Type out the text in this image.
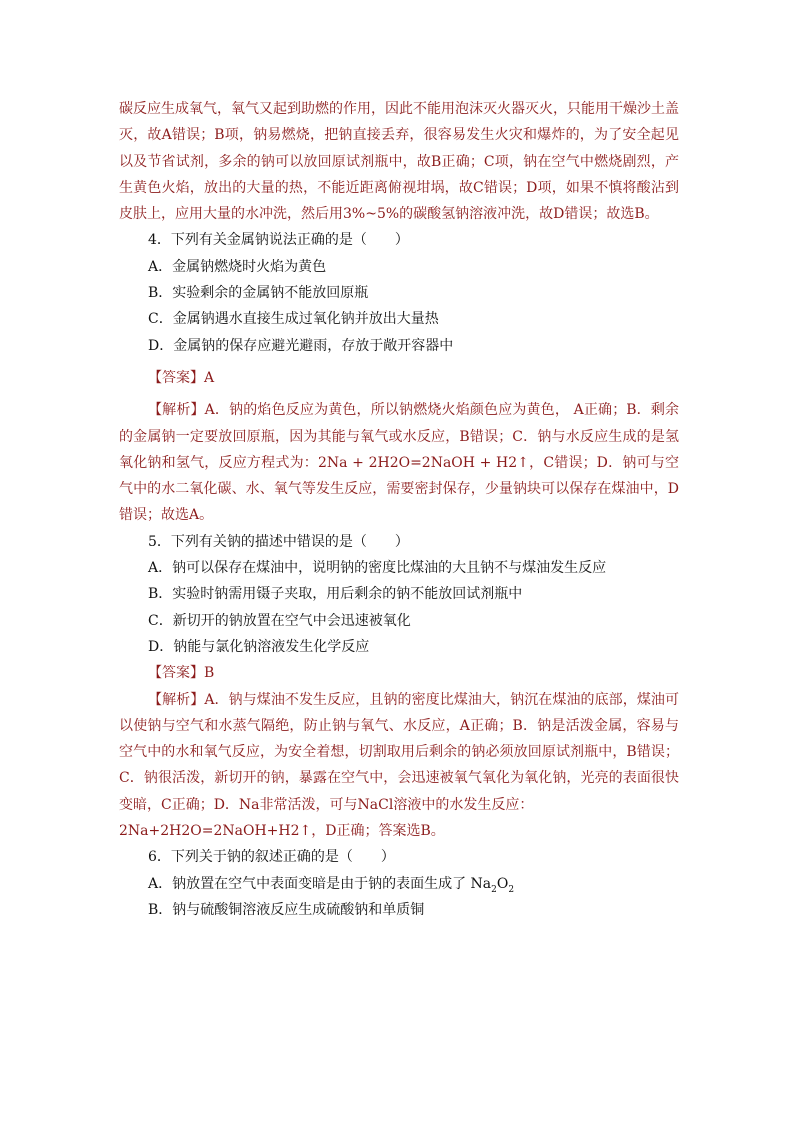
碳反应生成氧气，氧气又起到助燃的作用，因此不能用泡沫灭火器灭火，只能用干燥沙土盖灭，故A错误；B项，钠易燃烧，把钠直接丢弃，很容易发生火灾和爆炸的，为了安全起见以及节省试剂，多余的钠可以放回原试剂瓶中，故B正确；C项，钠在空气中燃烧剧烈，产生黄色火焰，放出的大量的热，不能近距离俯视坩埚，故C错误；D项，如果不慎将酸沾到皮肤上，应用大量的水冲洗，然后用3%~5%的碳酸氢钠溶液冲洗，故D错误；故选B。

4．下列有关金属钠说法正确的是（　　）

A．金属钠燃烧时火焰为黄色

B．实验剩余的金属钠不能放回原瓶

C．金属钠遇水直接生成过氧化钠并放出大量热

D．金属钠的保存应避光避雨，存放于敞开容器中

【答案】A

【解析】A．钠的焰色反应为黄色，所以钠燃烧火焰颜色应为黄色， A正确；B．剩余的金属钠一定要放回原瓶，因为其能与氧气或水反应，B错误；C．钠与水反应生成的是氢氧化钠和氢气，反应方程式为：2Na + 2H2O=2NaOH + H2↑，C错误；D．钠可与空气中的水二氧化碳、水、氧气等发生反应，需要密封保存，少量钠块可以保存在煤油中，D错误；故选A。

5．下列有关钠的描述中错误的是（　　）

A．钠可以保存在煤油中，说明钠的密度比煤油的大且钠不与煤油发生反应

B．实验时钠需用镊子夹取，用后剩余的钠不能放回试剂瓶中

C．新切开的钠放置在空气中会迅速被氧化

D．钠能与氯化钠溶液发生化学反应

【答案】B

【解析】A．钠与煤油不发生反应，且钠的密度比煤油大，钠沉在煤油的底部，煤油可以使钠与空气和水蒸气隔绝，防止钠与氧气、水反应，A正确；B．钠是活泼金属，容易与空气中的水和氧气反应，为安全着想，切割取用后剩余的钠必须放回原试剂瓶中，B错误；C．钠很活泼，新切开的钠，暴露在空气中，会迅速被氧气氧化为氧化钠，光亮的表面很快变暗，C正确；D．Na非常活泼，可与NaCl溶液中的水发生反应：

2Na+2H2O=2NaOH+H2↑，D正确；答案选B。

6．下列关于钠的叙述正确的是（　　）

A．钠放置在空气中表面变暗是由于钠的表面生成了 $Na_2O_2$

B．钠与硫酸铜溶液反应生成硫酸钠和单质铜
